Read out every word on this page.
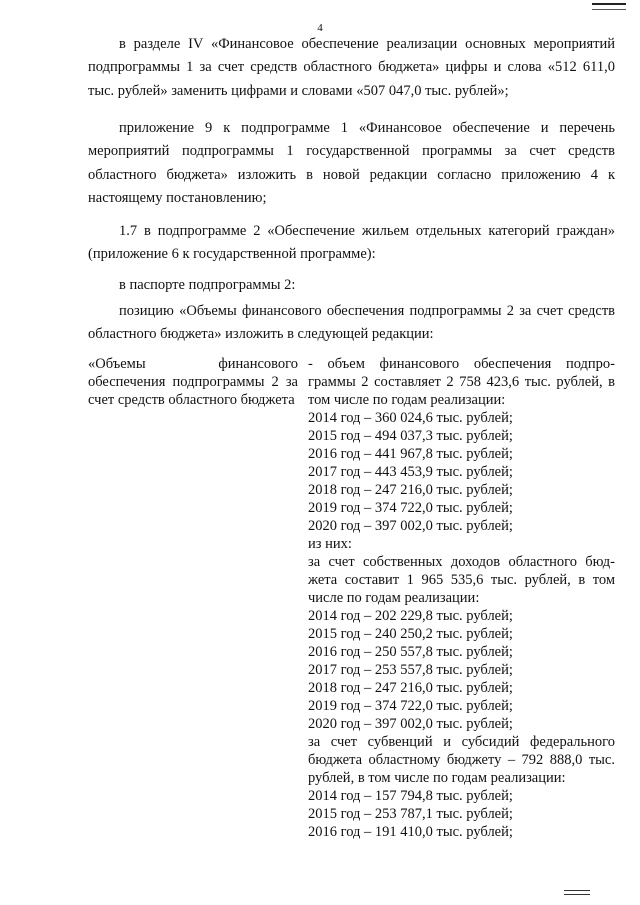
4
в разделе IV «Финансовое обеспечение реализации основных мероприятий подпрограммы 1 за счет средств областного бюджета» цифры и слова «512 611,0 тыс. рублей» заменить цифрами и словами «507 047,0 тыс. рублей»;
приложение 9 к подпрограмме 1 «Финансовое обеспечение и перечень мероприятий подпрограммы 1 государственной программы за счет средств областного бюджета» изложить в новой редакции согласно приложению 4 к настоящему постановлению;
1.7 в подпрограмме 2 «Обеспечение жильем отдельных категорий граждан» (приложение 6 к государственной программе):
в паспорте подпрограммы 2:
позицию «Объемы финансового обеспечения подпрограммы 2 за счет средств областного бюджета» изложить в следующей редакции:
«Объемы финансового обеспечения подпрограммы 2 за счет средств областного бюджета
- объем финансового обеспечения подпро-
граммы 2 составляет 2 758 423,6 тыс. рублей, в
том числе по годам реализации:
2014 год – 360 024,6 тыс. рублей;
2015 год – 494 037,3 тыс. рублей;
2016 год – 441 967,8 тыс. рублей;
2017 год – 443 453,9 тыс. рублей;
2018 год – 247 216,0 тыс. рублей;
2019 год – 374 722,0 тыс. рублей;
2020 год – 397 002,0 тыс. рублей;
из них:
за счет собственных доходов областного бюд-
жета составит 1 965 535,6 тыс. рублей, в том
числе по годам реализации:
2014 год – 202 229,8 тыс. рублей;
2015 год – 240 250,2 тыс. рублей;
2016 год – 250 557,8 тыс. рублей;
2017 год – 253 557,8 тыс. рублей;
2018 год – 247 216,0 тыс. рублей;
2019 год – 374 722,0 тыс. рублей;
2020 год – 397 002,0 тыс. рублей;
за счет субвенций и субсидий федерального
бюджета областному бюджету – 792 888,0 тыс.
рублей, в том числе по годам реализации:
2014 год – 157 794,8 тыс. рублей;
2015 год – 253 787,1 тыс. рублей;
2016 год – 191 410,0 тыс. рублей;
